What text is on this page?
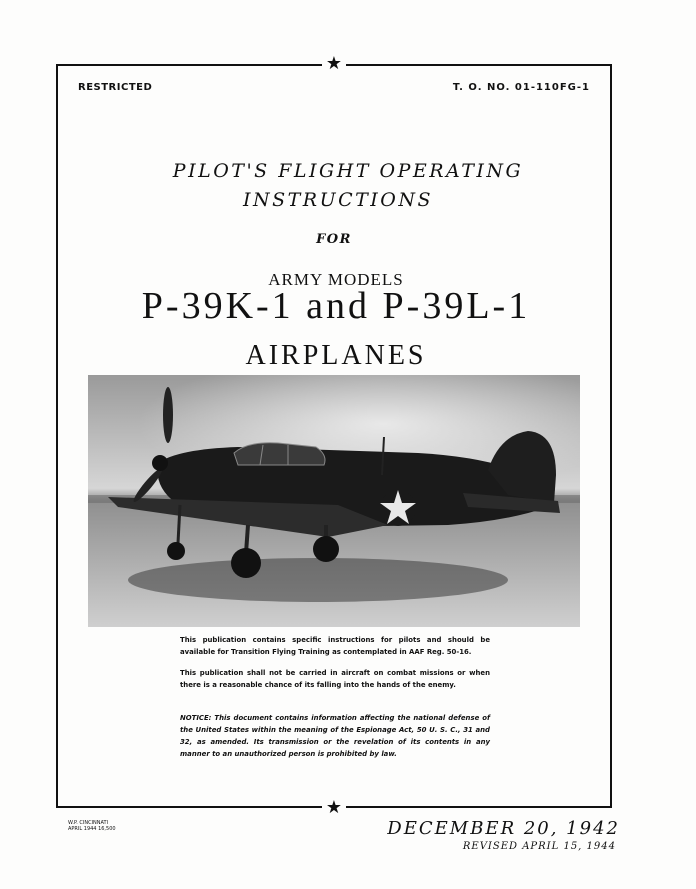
★
★
RESTRICTED	T. O. NO. 01-110FG-1
PILOT'S FLIGHT OPERATING
INSTRUCTIONS
FOR
ARMY MODELS
P-39K-1 and P-39L-1
AIRPLANES
This publication contains specific instructions for pilots and should be available for Transition Flying Training as contemplated in AAF Reg. 50-16.
This publication shall not be carried in aircraft on combat missions or when there is a reasonable chance of its falling into the hands of the enemy.
NOTICE: This document contains information affecting the national defense of the United States within the meaning of the Espionage Act, 50 U. S. C., 31 and 32, as amended. Its transmission or the revelation of its contents in any manner to an unauthorized person is prohibited by law.
W.P. CINCINNATI
APRIL 1944 16,500	DECEMBER 20, 1942
REVISED APRIL 15, 1944
